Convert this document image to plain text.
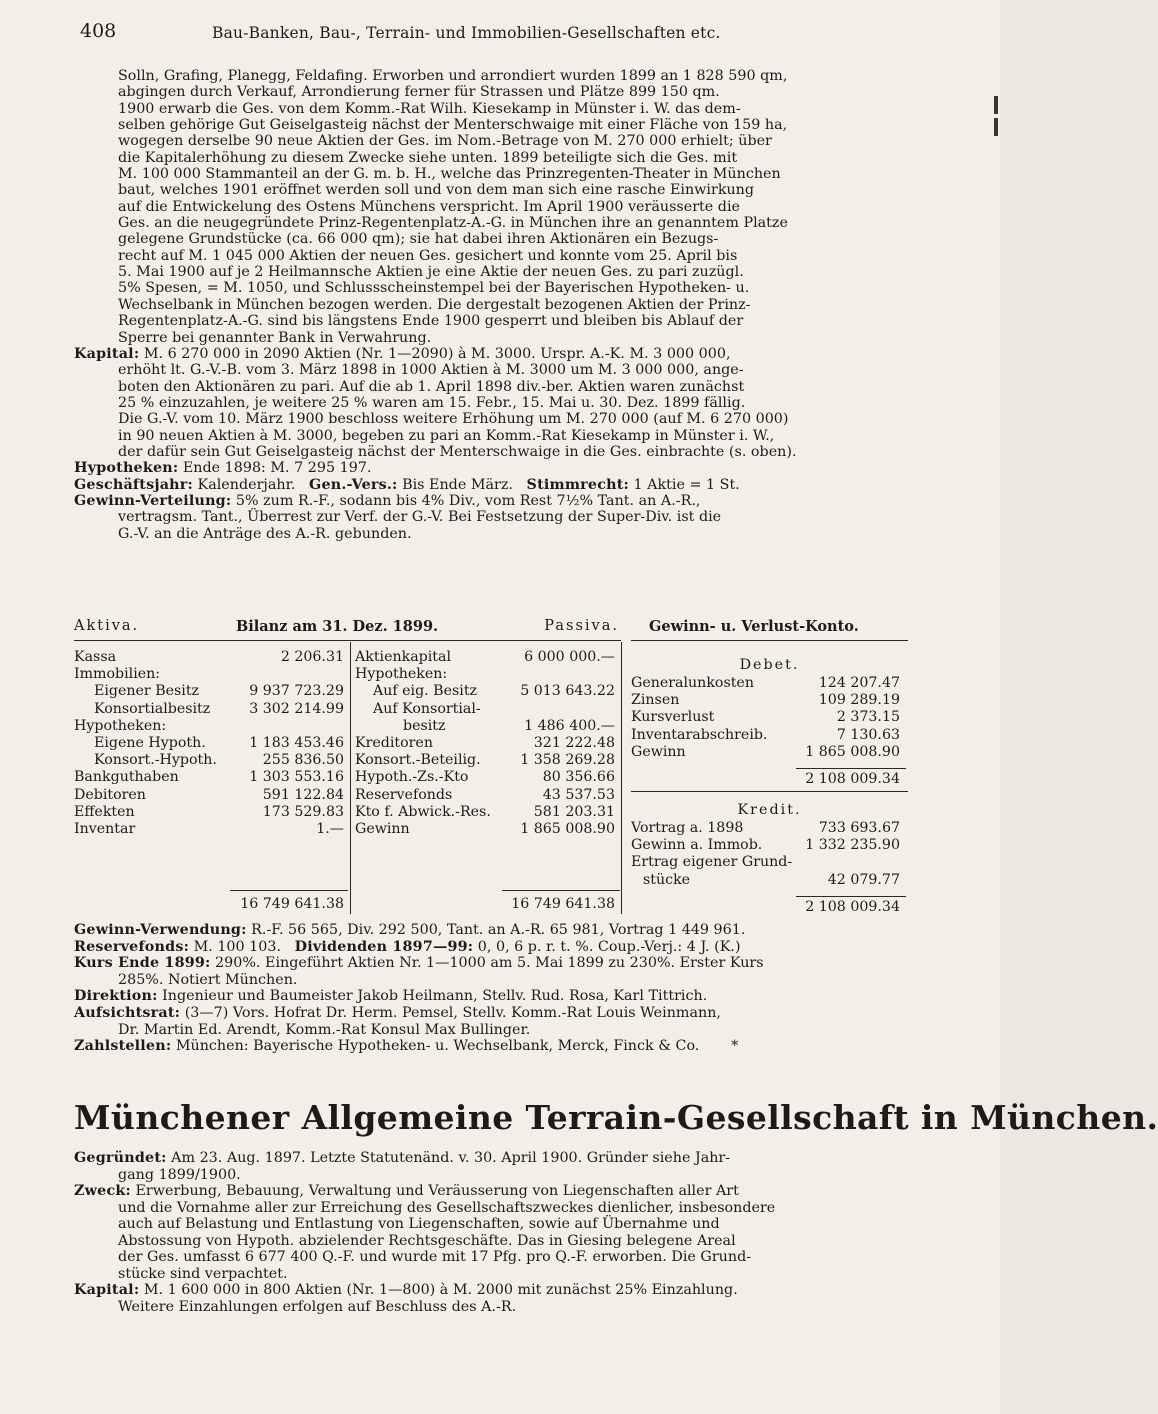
408	Bau-Banken, Bau-, Terrain- und Immobilien-Gesellschaften etc.

Solln, Grafing, Planegg, Feldafing. Erworben und arrondiert wurden 1899 an 1 828 590 qm,

abgingen durch Verkauf, Arrondierung ferner für Strassen und Plätze 899 150 qm.

1900 erwarb die Ges. von dem Komm.-Rat Wilh. Kiesekamp in Münster i. W. das dem-

selben gehörige Gut Geiselgasteig nächst der Menterschwaige mit einer Fläche von 159 ha,

wogegen derselbe 90 neue Aktien der Ges. im Nom.-Betrage von M. 270 000 erhielt; über

die Kapitalerhöhung zu diesem Zwecke siehe unten. 1899 beteiligte sich die Ges. mit

M. 100 000 Stammanteil an der G. m. b. H., welche das Prinzregenten-Theater in München

baut, welches 1901 eröffnet werden soll und von dem man sich eine rasche Einwirkung

auf die Entwickelung des Ostens Münchens verspricht. Im April 1900 veräusserte die

Ges. an die neugegründete Prinz-Regentenplatz-A.-G. in München ihre an genanntem Platze

gelegene Grundstücke (ca. 66 000 qm); sie hat dabei ihren Aktionären ein Bezugs-

recht auf M. 1 045 000 Aktien der neuen Ges. gesichert und konnte vom 25. April bis

5. Mai 1900 auf je 2 Heilmannsche Aktien je eine Aktie der neuen Ges. zu pari zuzügl.

5% Spesen, = M. 1050, und Schlussscheinstempel bei der Bayerischen Hypotheken- u.

Wechselbank in München bezogen werden. Die dergestalt bezogenen Aktien der Prinz-

Regentenplatz-A.-G. sind bis längstens Ende 1900 gesperrt und bleiben bis Ablauf der

Sperre bei genannter Bank in Verwahrung.

Kapital: M. 6 270 000 in 2090 Aktien (Nr. 1—2090) à M. 3000. Urspr. A.-K. M. 3 000 000,

erhöht lt. G.-V.-B. vom 3. März 1898 in 1000 Aktien à M. 3000 um M. 3 000 000, ange-

boten den Aktionären zu pari. Auf die ab 1. April 1898 div.-ber. Aktien waren zunächst

25 % einzuzahlen, je weitere 25 % waren am 15. Febr., 15. Mai u. 30. Dez. 1899 fällig.

Die G.-V. vom 10. März 1900 beschloss weitere Erhöhung um M. 270 000 (auf M. 6 270 000)

in 90 neuen Aktien à M. 3000, begeben zu pari an Komm.-Rat Kiesekamp in Münster i. W.,

der dafür sein Gut Geiselgasteig nächst der Menterschwaige in die Ges. einbrachte (s. oben).

Hypotheken: Ende 1898: M. 7 295 197.

Geschäftsjahr: Kalenderjahr. Gen.-Vers.: Bis Ende März. Stimmrecht: 1 Aktie = 1 St.

Gewinn-Verteilung: 5% zum R.-F., sodann bis 4% Div., vom Rest 7½% Tant. an A.-R.,

vertragsm. Tant., Überrest zur Verf. der G.-V. Bei Festsetzung der Super-Div. ist die

G.-V. an die Anträge des A.-R. gebunden.

Aktiva.	Bilanz am 31. Dez. 1899.	Passiva.
Kassa	2 206.31
Immobilien:
Eigener Besitz	9 937 723.29
Konsortialbesitz	3 302 214.99
Hypotheken:
Eigene Hypoth.	1 183 453.46
Konsort.-Hypoth.	255 836.50
Bankguthaben	1 303 553.16
Debitoren	591 122.84
Effekten	173 529.83
Inventar	1.—
16 749 641.38
Aktienkapital	6 000 000.—
Hypotheken:
Auf eig. Besitz	5 013 643.22
Auf Konsortial-
besitz	1 486 400.—
Kreditoren	321 222.48
Konsort.-Beteilig.	1 358 269.28
Hypoth.-Zs.-Kto	80 356.66
Reservefonds	43 537.53
Kto f. Abwick.-Res.	581 203.31
Gewinn	1 865 008.90
16 749 641.38
Gewinn- u. Verlust-Konto.
Debet.
Generalunkosten	124 207.47
Zinsen	109 289.19
Kursverlust	2 373.15
Inventarabschreib.	7 130.63
Gewinn	1 865 008.90
2 108 009.34
Kredit.
Vortrag a. 1898	733 693.67
Gewinn a. Immob.	1 332 235.90
Ertrag eigener Grund-
stücke	42 079.77
2 108 009.34

Gewinn-Verwendung: R.-F. 56 565, Div. 292 500, Tant. an A.-R. 65 981, Vortrag 1 449 961.

Reservefonds: M. 100 103. Dividenden 1897—99: 0, 0, 6 p. r. t. %. Coup.-Verj.: 4 J. (K.)

Kurs Ende 1899: 290%. Eingeführt Aktien Nr. 1—1000 am 5. Mai 1899 zu 230%. Erster Kurs

285%. Notiert München.

Direktion: Ingenieur und Baumeister Jakob Heilmann, Stellv. Rud. Rosa, Karl Tittrich.

Aufsichtsrat: (3—7) Vors. Hofrat Dr. Herm. Pemsel, Stellv. Komm.-Rat Louis Weinmann,

Dr. Martin Ed. Arendt, Komm.-Rat Konsul Max Bullinger.

Zahlstellen: München: Bayerische Hypotheken- u. Wechselbank, Merck, Finck & Co. *

Münchener Allgemeine Terrain-Gesellschaft in München.

Gegründet: Am 23. Aug. 1897. Letzte Statutenänd. v. 30. April 1900. Gründer siehe Jahr-

gang 1899/1900.

Zweck: Erwerbung, Bebauung, Verwaltung und Veräusserung von Liegenschaften aller Art

und die Vornahme aller zur Erreichung des Gesellschaftszweckes dienlicher, insbesondere

auch auf Belastung und Entlastung von Liegenschaften, sowie auf Übernahme und

Abstossung von Hypoth. abzielender Rechtsgeschäfte. Das in Giesing belegene Areal

der Ges. umfasst 6 677 400 Q.-F. und wurde mit 17 Pfg. pro Q.-F. erworben. Die Grund-

stücke sind verpachtet.

Kapital: M. 1 600 000 in 800 Aktien (Nr. 1—800) à M. 2000 mit zunächst 25% Einzahlung.

Weitere Einzahlungen erfolgen auf Beschluss des A.-R.
